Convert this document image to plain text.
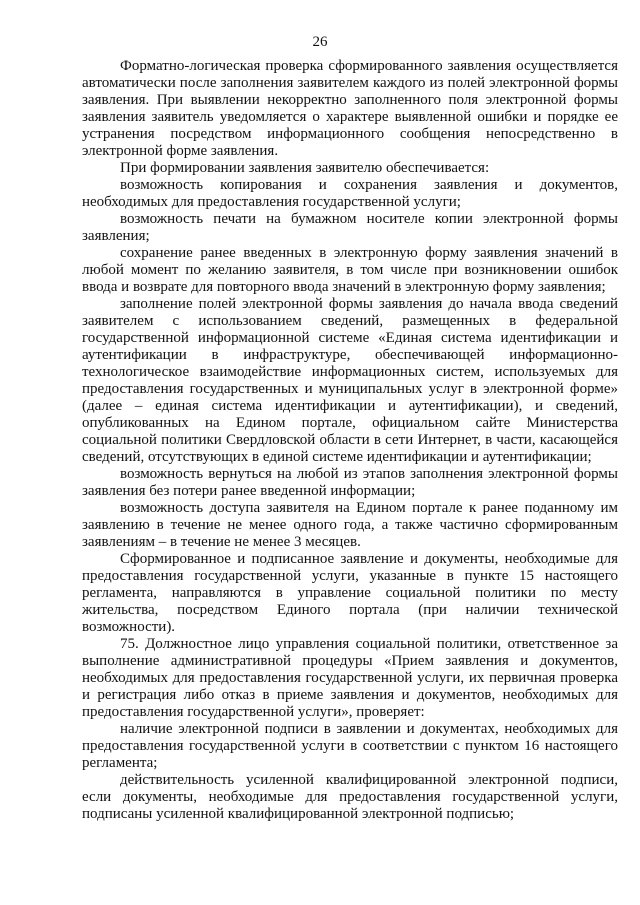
26

Форматно-логическая проверка сформированного заявления осуществляется автоматически после заполнения заявителем каждого из полей электронной формы заявления. При выявлении некорректно заполненного поля электронной формы заявления заявитель уведомляется о характере выявленной ошибки и порядке ее устранения посредством информационного сообщения непосредственно в электронной форме заявления.

При формировании заявления заявителю обеспечивается:

возможность копирования и сохранения заявления и документов, необходимых для предоставления государственной услуги;

возможность печати на бумажном носителе копии электронной формы заявления;

сохранение ранее введенных в электронную форму заявления значений в любой момент по желанию заявителя, в том числе при возникновении ошибок ввода и возврате для повторного ввода значений в электронную форму заявления;

заполнение полей электронной формы заявления до начала ввода сведений заявителем с использованием сведений, размещенных в федеральной государственной информационной системе «Единая система идентификации и аутентификации в инфраструктуре, обеспечивающей информационно-технологическое взаимодействие информационных систем, используемых для предоставления государственных и муниципальных услуг в электронной форме» (далее – единая система идентификации и аутентификации), и сведений, опубликованных на Едином портале, официальном сайте Министерства социальной политики Свердловской области в сети Интернет, в части, касающейся сведений, отсутствующих в единой системе идентификации и аутентификации;

возможность вернуться на любой из этапов заполнения электронной формы заявления без потери ранее введенной информации;

возможность доступа заявителя на Едином портале к ранее поданному им заявлению в течение не менее одного года, а также частично сформированным заявлениям – в течение не менее 3 месяцев.

Сформированное и подписанное заявление и документы, необходимые для предоставления государственной услуги, указанные в пункте 15 настоящего регламента, направляются в управление социальной политики по месту жительства, посредством Единого портала (при наличии технической возможности).

75. Должностное лицо управления социальной политики, ответственное за выполнение административной процедуры «Прием заявления и документов, необходимых для предоставления государственной услуги, их первичная проверка и регистрация либо отказ в приеме заявления и документов, необходимых для предоставления государственной услуги», проверяет:

наличие электронной подписи в заявлении и документах, необходимых для предоставления государственной услуги в соответствии с пунктом 16 настоящего регламента;

действительность усиленной квалифицированной электронной подписи, если документы, необходимые для предоставления государственной услуги, подписаны усиленной квалифицированной электронной подписью;
